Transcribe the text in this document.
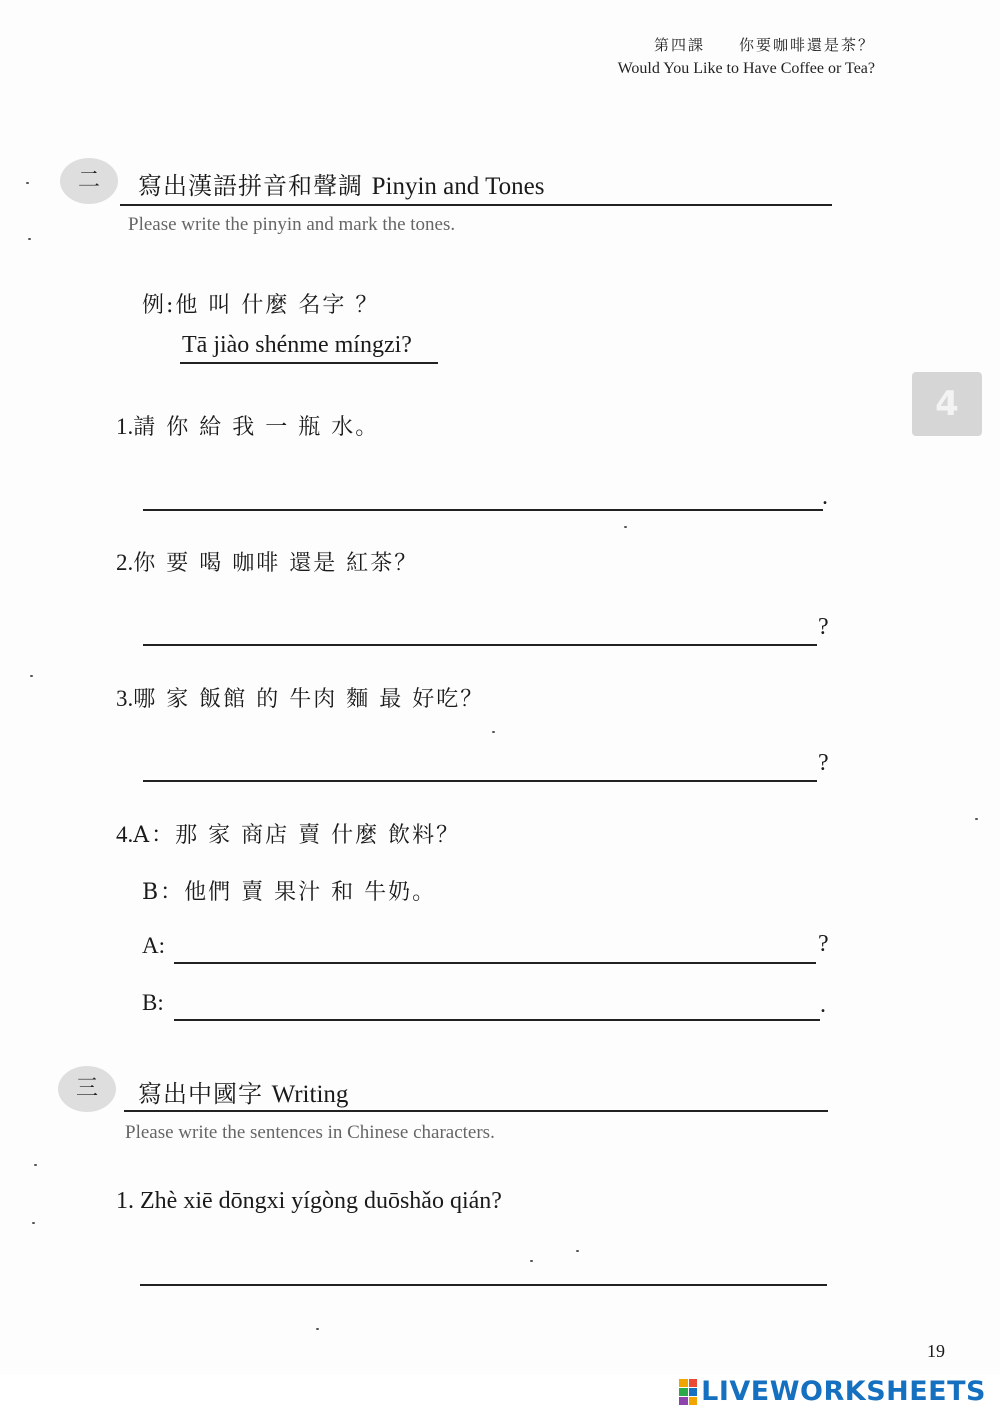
第四課　　你要咖啡還是茶？
Would You Like to Have Coffee or Tea?
4
二	寫出漢語拼音和聲調 Pinyin and Tones
Please write the pinyin and mark the tones.
例:他 叫 什麼 名字 ？
Tā jiào shénme míngzi?
1.請 你 給 我 一 瓶 水。
.
2.你 要 喝 咖啡 還是 紅茶？
?
3.哪 家 飯館 的 牛肉 麵 最 好吃？
?
4.A：那 家 商店 賣 什麼 飲料？
B：他們 賣 果汁 和 牛奶。
A:	?
B:	.
三	寫出中國字 Writing
Please write the sentences in Chinese characters.
1. Zhè xiē dōngxi yígòng duōshǎo qián?
19
LIVEWORKSHEETS
